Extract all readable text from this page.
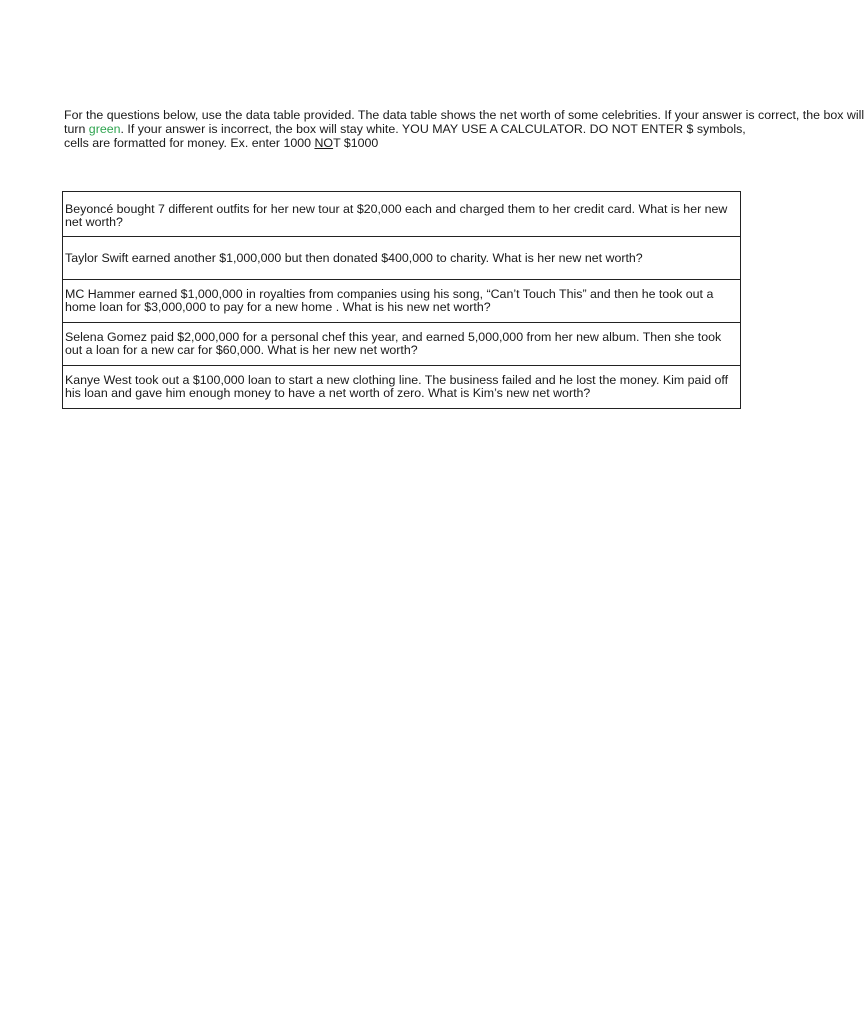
For the questions below, use the data table provided. The data table shows the net worth of some celebrities. If your answer is correct, the box will
turn green. If your answer is incorrect, the box will stay white. YOU MAY USE A CALCULATOR. DO NOT ENTER $ symbols,
cells are formatted for money. Ex. enter 1000 NOT $1000
Beyoncé bought 7 different outfits for her new tour at $20,000 each and charged them to her credit card. What is her new net worth?
Taylor Swift earned another $1,000,000 but then donated $400,000 to charity. What is her new net worth?
MC Hammer earned $1,000,000 in royalties from companies using his song, “Can’t Touch This” and then he took out a home loan for $3,000,000 to pay for a new home . What is his new net worth?
Selena Gomez paid $2,000,000 for a personal chef this year, and earned 5,000,000 from her new album. Then she took out a loan for a new car for $60,000. What is her new net worth?
Kanye West took out a $100,000 loan to start a new clothing line. The business failed and he lost the money. Kim paid off his loan and gave him enough money to have a net worth of zero. What is Kim’s new net worth?
